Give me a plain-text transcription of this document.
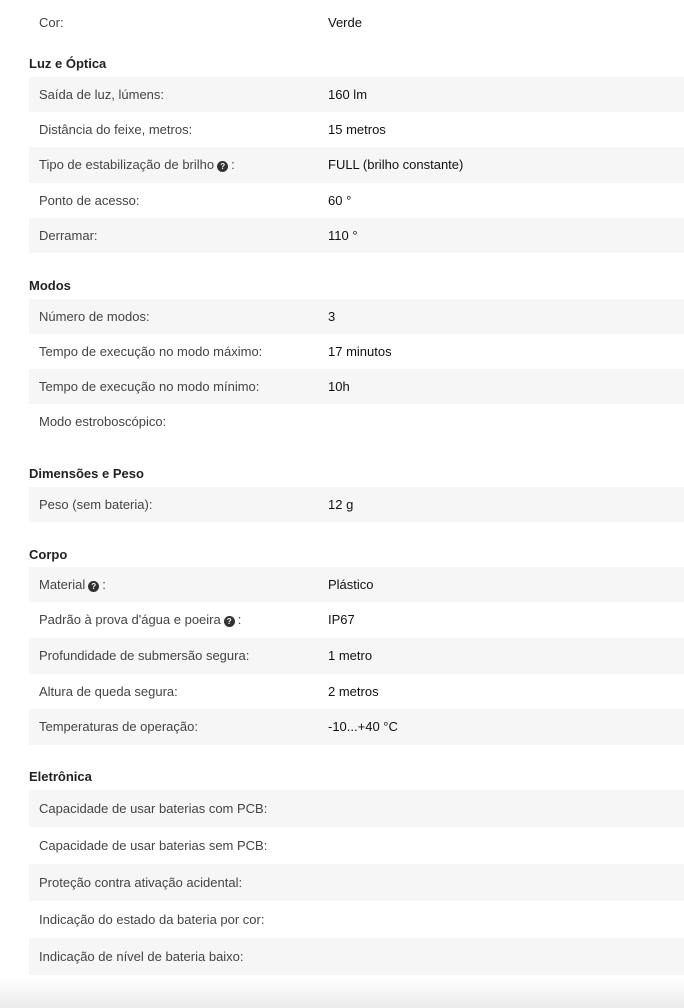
Cor:	Verde
Luz e Óptica
Saída de luz, lúmens:	160 lm
Distância do feixe, metros:	15 metros
Tipo de estabilização de brilho ? :	FULL (brilho constante)
Ponto de acesso:	60 °
Derramar:	110 °
Modos
Número de modos:	3
Tempo de execução no modo máximo:	17 minutos
Tempo de execução no modo mínimo:	10h
Modo estroboscópico:
Dimensões e Peso
Peso (sem bateria):	12 g
Corpo
Material ? :	Plástico
Padrão à prova d'água e poeira ? :	IP67
Profundidade de submersão segura:	1 metro
Altura de queda segura:	2 metros
Temperaturas de operação:	-10...+40 °C
Eletrônica
Capacidade de usar baterias com PCB:
Capacidade de usar baterias sem PCB:
Proteção contra ativação acidental:
Indicação do estado da bateria por cor:
Indicação de nível de bateria baixo:
